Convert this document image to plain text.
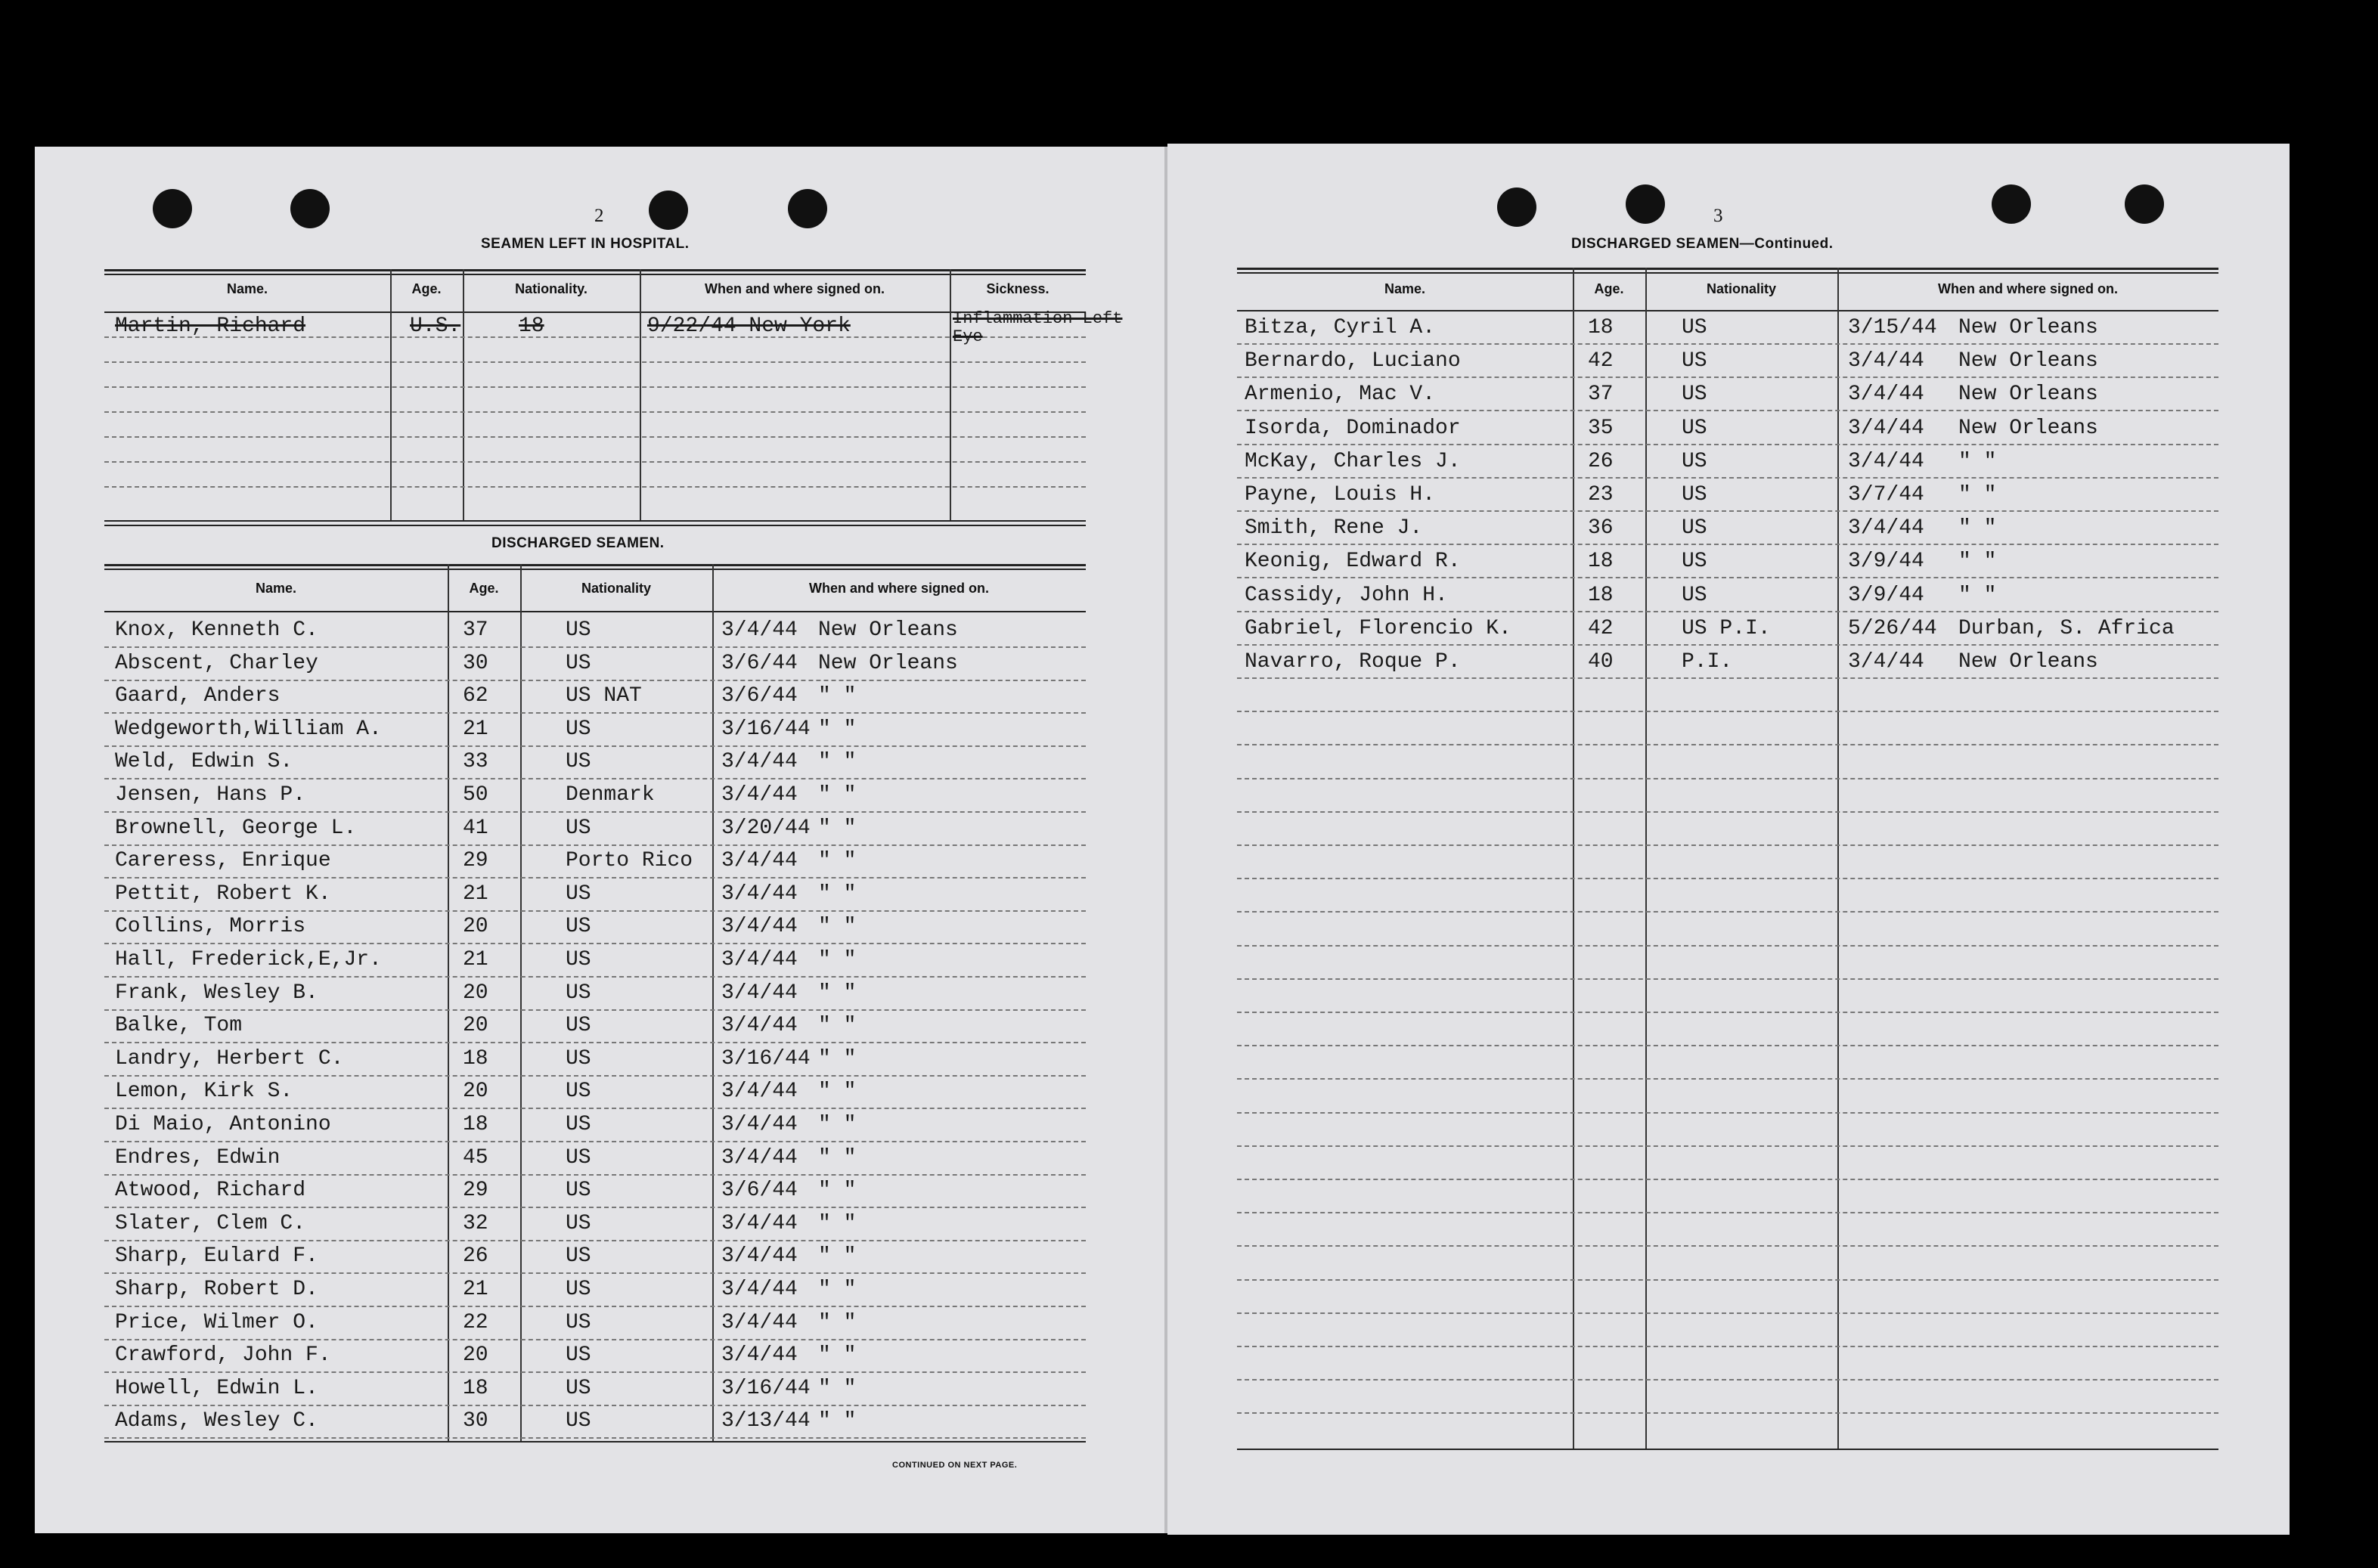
2
SEAMEN LEFT IN HOSPITAL.
DISCHARGED SEAMEN.
CONTINUED ON NEXT PAGE.
Name.	Age.	Nationality.	When and where signed on.	Sickness.
Martin, Richard	U.S.	18	9/22/44 New York	Inflammation Left Eye
Name.	Age.	Nationality	When and where signed on.
Knox, Kenneth C.	37	US	3/4/44 New Orleans
Abscent, Charley	30	US	3/6/44 New Orleans
Gaard, Anders	62	US NAT	3/6/44 " "
Wedgeworth,William A.	21	US	3/16/44 " "
Weld, Edwin S.	33	US	3/4/44 " "
Jensen, Hans P.	50	Denmark	3/4/44 " "
Brownell, George L.	41	US	3/20/44 " "
Careress, Enrique	29	Porto Rico 3/4/44 " "
Pettit, Robert K.	21	US	3/4/44 " "
Collins, Morris	20	US	3/4/44 " "
Hall, Frederick,E,Jr.	21	US	3/4/44 " "
Frank, Wesley B.	20	US	3/4/44 " "
Balke, Tom	20	US	3/4/44 " "
Landry, Herbert C.	18	US	3/16/44 " "
Lemon, Kirk S.	20	US	3/4/44 " "
Di Maio, Antonino	18	US	3/4/44 " "
Endres, Edwin	45	US	3/4/44 " "
Atwood, Richard	29	US	3/6/44 " "
Slater, Clem C.	32	US	3/4/44 " "
Sharp, Eulard F.	26	US	3/4/44 " "
Sharp, Robert D.	21	US	3/4/44 " "
Price, Wilmer O.	22	US	3/4/44 " "
Crawford, John F.	20	US	3/4/44 " "
Howell, Edwin L.	18	US	3/16/44 " "
Adams, Wesley C.	30	US	3/13/44 " "
3
DISCHARGED SEAMEN—Continued.
Name.	Age.	Nationality	When and where signed on.
Bitza, Cyril A.	18	US	3/15/44 New Orleans
Bernardo, Luciano	42	US	3/4/44 New Orleans
Armenio, Mac V.	37	US	3/4/44 New Orleans
Isorda, Dominador	35	US	3/4/44 New Orleans
McKay, Charles J.	26	US	3/4/44 " "
Payne, Louis H.	23	US	3/7/44 " "
Smith, Rene J.	36	US	3/4/44 " "
Keonig, Edward R.	18	US	3/9/44 " "
Cassidy, John H.	18	US	3/9/44 " "
Gabriel, Florencio K.	42	US P.I.	5/26/44 Durban, S. Africa
Navarro, Roque P.	40	P.I.	3/4/44 New Orleans
